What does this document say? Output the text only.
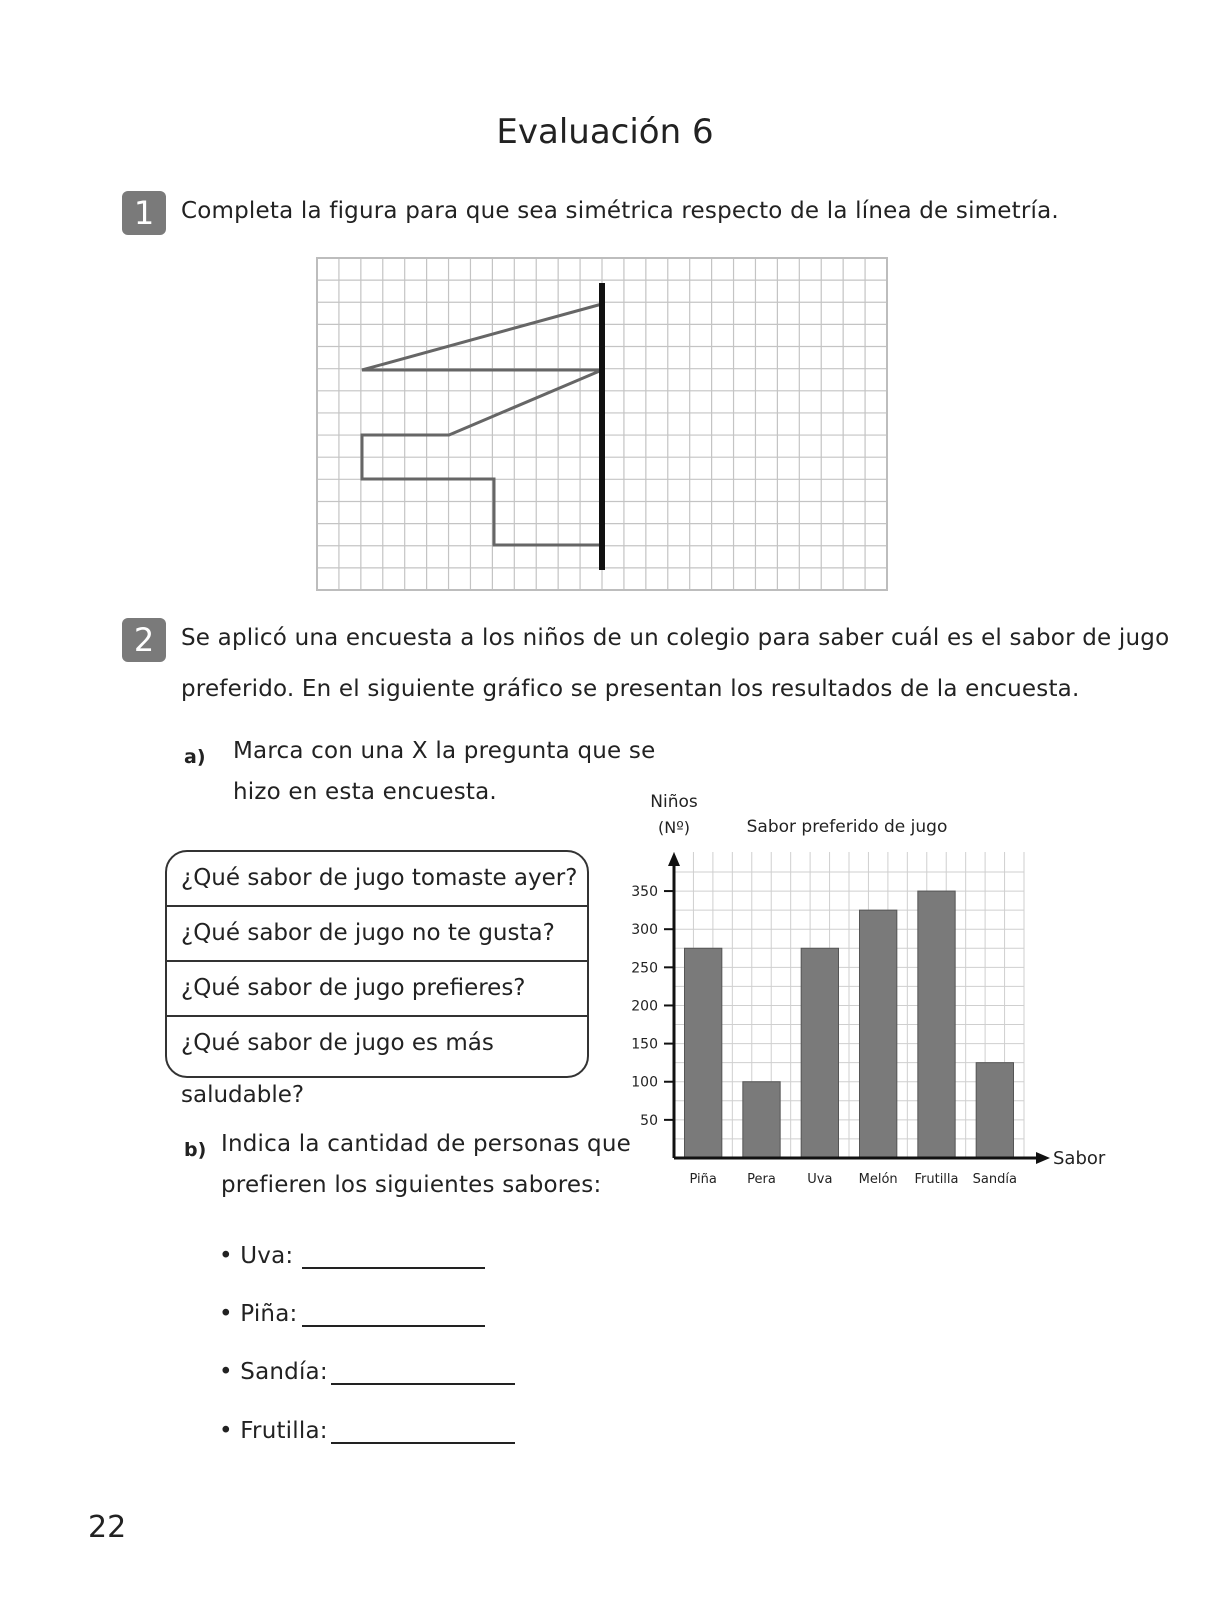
Evaluación 6
1	Completa la figura para que sea simétrica respecto de la línea de simetría.
2	Se aplicó una encuesta a los niños de un colegio para saber cuál es el sabor de jugo
preferido. En el siguiente gráfico se presentan los resultados de la encuesta.
a) Marca con una X la pregunta que se
hizo en esta encuesta.
¿Qué sabor de jugo tomaste ayer?
¿Qué sabor de jugo no te gusta?
¿Qué sabor de jugo prefieres?
¿Qué sabor de jugo es más saludable?
b) Indica la cantidad de personas que
prefieren los siguientes sabores:
• Uva:
• Piña:
• Sandía:
• Frutilla:
50
100
150
200
250
300
350
Piña Pera Uva Melón Frutilla Sandía
Niños
(Nº)	Sabor preferido de jugo
Sabor
22
